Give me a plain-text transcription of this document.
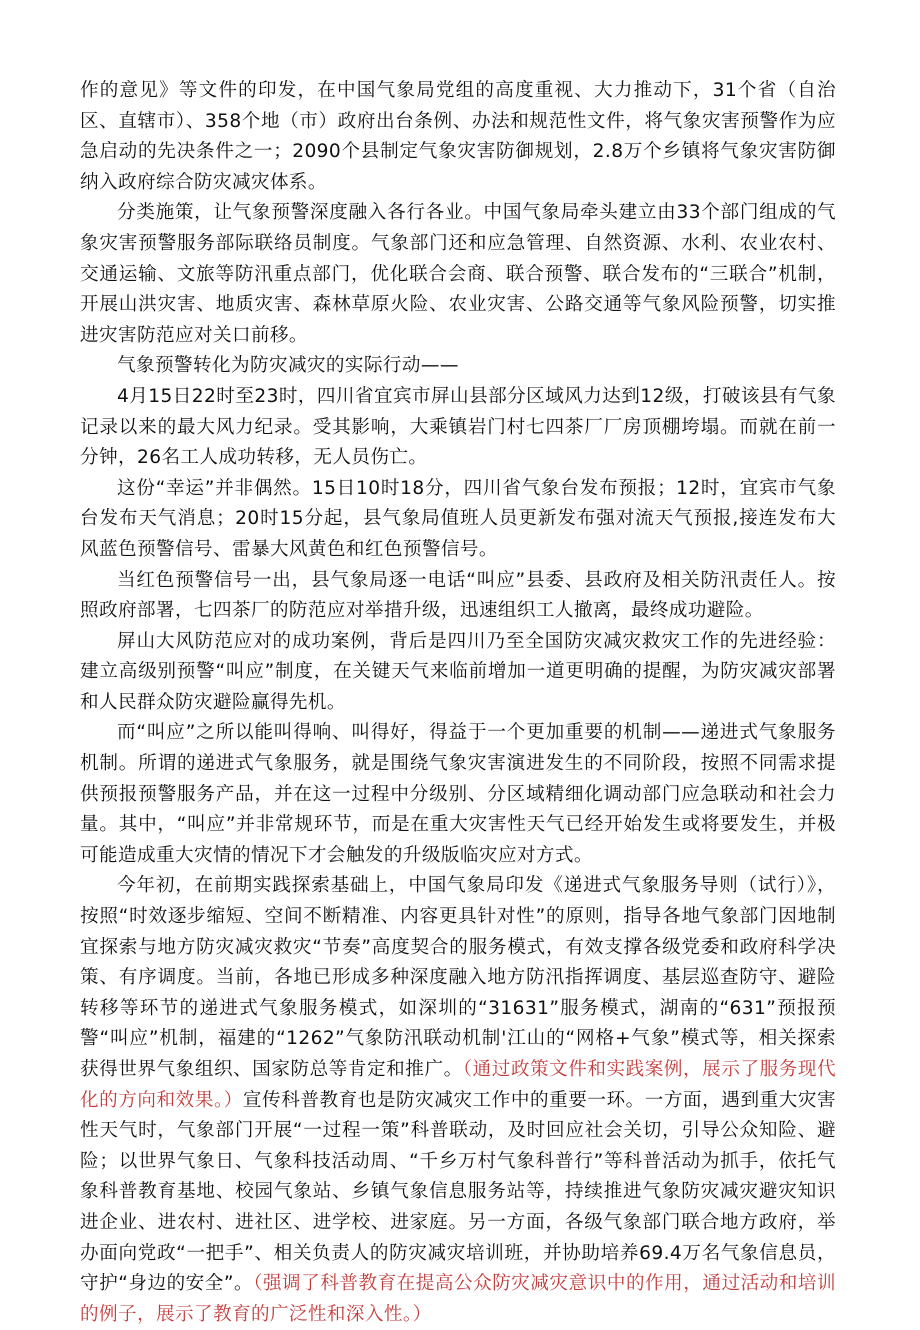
作的意见》等文件的印发，在中国气象局党组的高度重视、大力推动下，31个省（自治区、直辖市）、358个地（市）政府出台条例、办法和规范性文件，将气象灾害预警作为应急启动的先决条件之一；2090个县制定气象灾害防御规划，2.8万个乡镇将气象灾害防御纳入政府综合防灾减灾体系。

分类施策，让气象预警深度融入各行各业。中国气象局牵头建立由33个部门组成的气象灾害预警服务部际联络员制度。气象部门还和应急管理、自然资源、水利、农业农村、交通运输、文旅等防汛重点部门，优化联合会商、联合预警、联合发布的“三联合”机制，开展山洪灾害、地质灾害、森林草原火险、农业灾害、公路交通等气象风险预警，切实推进灾害防范应对关口前移。

气象预警转化为防灾减灾的实际行动——

4月15日22时至23时，四川省宜宾市屏山县部分区域风力达到12级，打破该县有气象记录以来的最大风力纪录。受其影响，大乘镇岩门村七四茶厂厂房顶棚垮塌。而就在前一分钟，26名工人成功转移，无人员伤亡。

这份“幸运”并非偶然。15日10时18分，四川省气象台发布预报；12时，宜宾市气象台发布天气消息；20时15分起，县气象局值班人员更新发布强对流天气预报,接连发布大风蓝色预警信号、雷暴大风黄色和红色预警信号。

当红色预警信号一出，县气象局逐一电话“叫应”县委、县政府及相关防汛责任人。按照政府部署，七四茶厂的防范应对举措升级，迅速组织工人撤离，最终成功避险。

屏山大风防范应对的成功案例，背后是四川乃至全国防灾减灾救灾工作的先进经验：建立高级别预警“叫应”制度，在关键天气来临前增加一道更明确的提醒，为防灾减灾部署和人民群众防灾避险赢得先机。

而“叫应”之所以能叫得响、叫得好，得益于一个更加重要的机制——递进式气象服务机制。所谓的递进式气象服务，就是围绕气象灾害演进发生的不同阶段，按照不同需求提供预报预警服务产品，并在这一过程中分级别、分区域精细化调动部门应急联动和社会力量。其中，“叫应”并非常规环节，而是在重大灾害性天气已经开始发生或将要发生，并极可能造成重大灾情的情况下才会触发的升级版临灾应对方式。

今年初，在前期实践探索基础上，中国气象局印发《递进式气象服务导则（试行）》，按照“时效逐步缩短、空间不断精准、内容更具针对性”的原则，指导各地气象部门因地制宜探索与地方防灾减灾救灾“节奏”高度契合的服务模式，有效支撑各级党委和政府科学决策、有序调度。当前，各地已形成多种深度融入地方防汛指挥调度、基层巡查防守、避险转移等环节的递进式气象服务模式，如深圳的“31631”服务模式，湖南的“631”预报预警“叫应”机制，福建的“1262”气象防汛联动机制'江山的“网格+气象”模式等，相关探索获得世界气象组织、国家防总等肯定和推广。（通过政策文件和实践案例，展示了服务现代化的方向和效果。）宣传科普教育也是防灾减灾工作中的重要一环。一方面，遇到重大灾害性天气时，气象部门开展“一过程一策”科普联动，及时回应社会关切，引导公众知险、避险；以世界气象日、气象科技活动周、“千乡万村气象科普行”等科普活动为抓手，依托气象科普教育基地、校园气象站、乡镇气象信息服务站等，持续推进气象防灾减灾避灾知识进企业、进农村、进社区、进学校、进家庭。另一方面，各级气象部门联合地方政府，举办面向党政“一把手”、相关负责人的防灾减灾培训班，并协助培养69.4万名气象信息员，守护“身边的安全”。（强调了科普教育在提高公众防灾减灾意识中的作用，通过活动和培训的例子，展示了教育的广泛性和深入性。）
